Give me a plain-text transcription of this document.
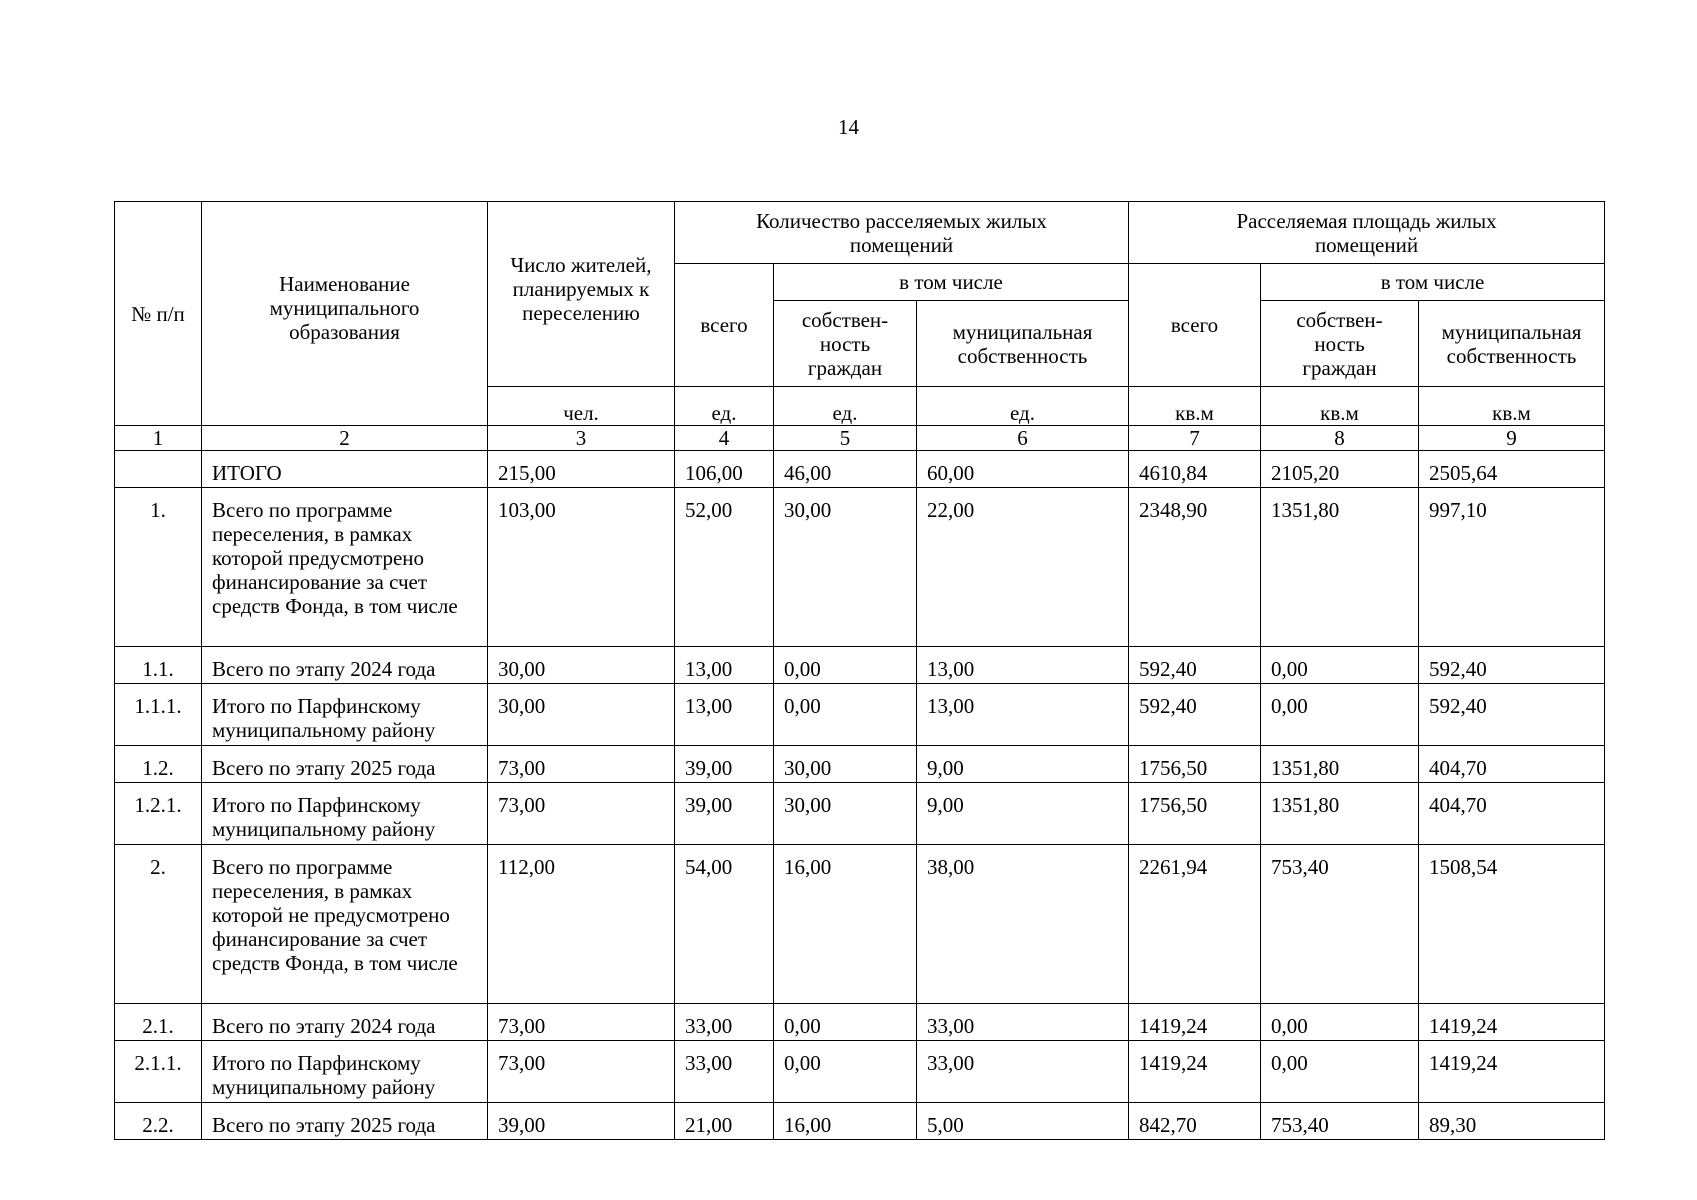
14
№ п/п	Наименование муниципального образования	Число жителей, планируемых к переселению	Количество расселяемых жилых помещений			Расселяемая площадь жилых помещений		

			всего	в том числе		всего	в том числе	

				собствен-ность граждан	муниципальная собственность		собствен-ность граждан	муниципальная собственность

		чел.	ед.	ед.	ед.	кв.м	кв.м	кв.м
1	2	3	4	5	6	7	8	9
	ИТОГО	215,00	106,00	46,00	60,00	4610,84	2105,20	2505,64
1.	Всего по программе переселения, в рамках которой предусмотрено финансирование за счет средств Фонда, в том числе	103,00	52,00	30,00	22,00	2348,90	1351,80	997,10
1.1.	Всего по этапу 2024 года	30,00	13,00	0,00	13,00	592,40	0,00	592,40
1.1.1.	Итого по Парфинскому муниципальному району	30,00	13,00	0,00	13,00	592,40	0,00	592,40
1.2.	Всего по этапу 2025 года	73,00	39,00	30,00	9,00	1756,50	1351,80	404,70
1.2.1.	Итого по Парфинскому муниципальному району	73,00	39,00	30,00	9,00	1756,50	1351,80	404,70
2.	Всего по программе переселения, в рамках которой не предусмотрено финансирование за счет средств Фонда, в том числе	112,00	54,00	16,00	38,00	2261,94	753,40	1508,54
2.1.	Всего по этапу 2024 года	73,00	33,00	0,00	33,00	1419,24	0,00	1419,24
2.1.1.	Итого по Парфинскому муниципальному району	73,00	33,00	0,00	33,00	1419,24	0,00	1419,24
2.2.	Всего по этапу 2025 года	39,00	21,00	16,00	5,00	842,70	753,40	89,30
